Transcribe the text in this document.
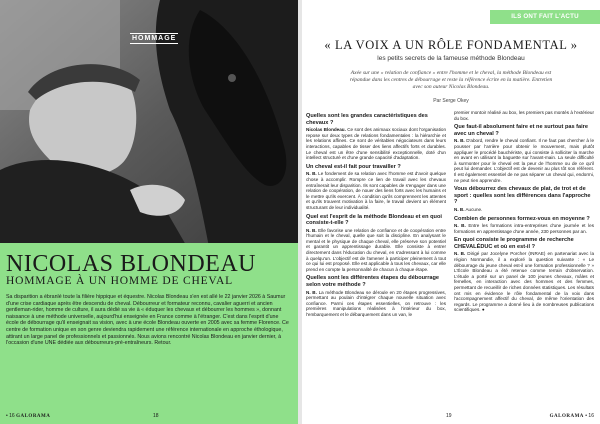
HOMMAGE
NICOLAS BLONDEAU
HOMMAGE À UN HOMME DE CHEVAL
Sa disparition a ébranlé toute la filière hippique et équestre. Nicolas Blondeau s'en est allé le 22 janvier 2026 à Saumur d'une crise cardiaque après être descendu de cheval. Débourreur et formateur reconnu, cavalier aguerri et ancien gentleman-rider, homme de culture, il aura dédié sa vie à « éduquer les chevaux et débourrer les hommes », donnant naissance à une méthode universelle, aujourd'hui enseignée en France comme à l'étranger. C'est dans l'esprit d'une école de débourrage qu'il enseignait sa vision, avec à une école Blondeau ouverte en 2005 avec sa femme Florence. Ce centre de formation unique en son genre deviendra rapidement une référence internationale en approche éthologique, attirant un large panel de professionnels et passionnés. Nous avions rencontré Nicolas Blondeau en janvier dernier, à l'occasion d'une UNE dédiée aux débourreurs-pré-entraîneurs. Retour.
• 16 GALORAMA	18
ILS ONT FAIT L'ACTU
« LA VOIX A UN RÔLE FONDAMENTAL »
les petits secrets de la fameuse méthode Blondeau
Axée sur une « relation de confiance » entre l'homme et le cheval, la méthode Blondeau est répandue dans les centres de débourrage et reste la référence écrite en la matière. Entretien avec son auteur Nicolas Blondeau.
Par Serge Okey
Quelles sont les grandes caractéristiques des chevaux ?

Nicolas Blondeau. Ce sont des animaux sociaux dont l'organisation repose sur deux types de relations fondamentales : la hiérarchie et les relations affines. Ce sont de véritables négociateurs dans leurs interactions, capables de tisser des liens affectifs forts et durables. Le cheval est un être d'une sensibilité exceptionnelle, doté d'un intellect structuré et d'une grande capacité d'adaptation.

Un cheval est-il fait pour travailler ?

N. B. Le fondement de sa relation avec l'homme est d'avoir quelque chose à accomplir. Rompre ce lien de travail avec les chevaux entraînerait leur disparition. Ils sont capables de s'engager dans une relation de coopération, de nouer des liens forts avec les humains et le mettre qu'ils exercent. À condition qu'ils comprennent les attentes et qu'ils trouvent motivation à la faire, le travail devient un élément structurant de leur individualité.

Quel est l'esprit de la méthode Blondeau et en quoi consiste-t-elle ?

N. B. Elle favorise une relation de confiance et de coopération entre l'humain et le cheval, quelle que soit la discipline. En analysant le mental et le physique de chaque cheval, elle préserve son potentiel et garantit un apprentissage durable. Elle consiste à entrer directement dans l'éducation du cheval, en s'adressant à lui comme à quelqu'un. L'objectif est de l'amener à participer pleinement à tout ce qui lui est proposé. Elle est applicable à tous les chevaux, car elle prend en compte la personnalité de chacun à chaque étape.

Quelles sont les différentes étapes du débourrage selon votre méthode ?

N. B. La méthode Blondeau se déroule en 20 étapes progressives, permettant au poulain d'intégrer chaque nouvelle situation avec confiance. Parmi ces étapes essentielles, on retrouve : les premières manipulations réalisées à l'intérieur du box, l'embarquement et le débarquement dans un van, le

premier montoir réalisé au box, les premiers pas montés à l'extérieur du box.

Que faut-il absolument faire et ne surtout pas faire avec un cheval ?

N. B. D'abord, rendre le cheval confiant. Il ne faut pas chercher à le pousser par l'arrière pour obtenir le mouvement, mais plutôt appliquer le procédé bauchériste, qui consiste à solliciter la marche en avant en utilisant la baguette sur l'avant-main. La seule difficulté à surmonter pour le cheval est la peur de l'homme ou de ce qu'il peut lui demander. L'objectif est de devenir au plus tôt son référent. Il est également essentiel de ne pas séparer un cheval qui, endormi, ne peut rien apprendre.

Vous débourrez des chevaux de plat, de trot et de sport : quelles sont les différences dans l'approche ?

N. B. Aucune.

Combien de personnes formez-vous en moyenne ?

N. B. Entre les formations intra-entreprises d'une journée et les formations en apprentissage d'une année, 230 personnes par an.

En quoi consiste le programme de recherche CHEVALÉDUC et où en est-il ?

N. B. Dirigé par Jocelyne Porcher (INRAE) en partenariat avec la région Normandie, il a exploré la question suivante : « Le débourrage du jeune cheval est-il une formation professionnelle ? » L'École Blondeau a été retenue comme terrain d'observation. L'étude a porté sur un panel de 100 jeunes chevaux, mâles et femelles, en interaction avec des hommes et des femmes, permettant de recueillir de riches données statistiques. Les résultats ont mis en évidence le rôle fondamental de la voix dans l'accompagnement affectif du cheval, de même l'orientation des regards. Le programme a donné lieu à de nombreuses publications scientifiques. ●

19	GALORAMA • 16
